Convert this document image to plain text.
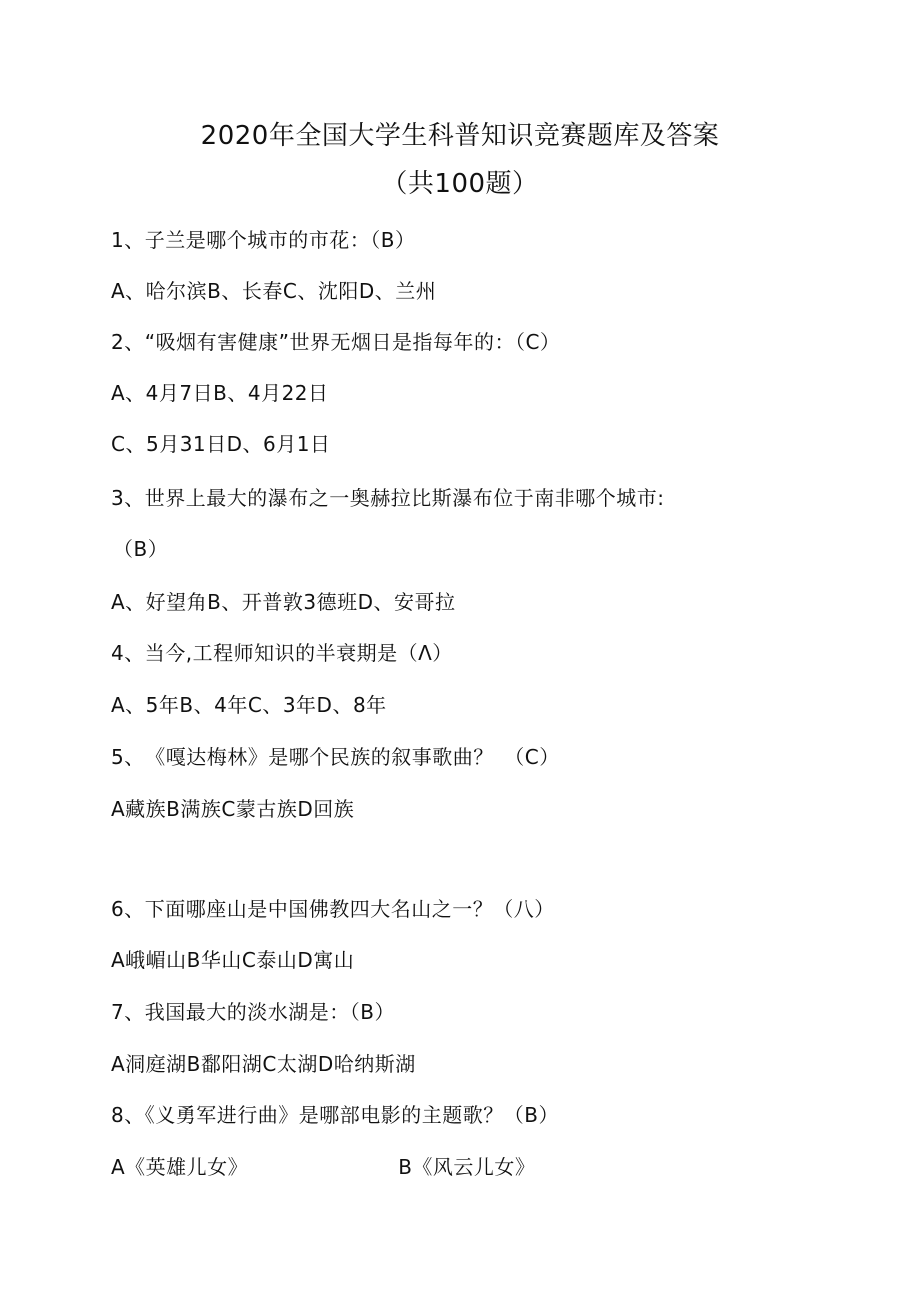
2020年全国大学生科普知识竞赛题库及答案
（共100题）
1、子兰是哪个城市的市花：（B）
A、哈尔滨B、长春C、沈阳D、兰州
2、“吸烟有害健康”世界无烟日是指每年的：（C）
A、4月7日B、4月22日
C、5月31日D、6月1日
3、世界上最大的瀑布之一奥赫拉比斯瀑布位于南非哪个城市:
（B）
A、好望角B、开普敦3德班D、安哥拉
4、当今,工程师知识的半衰期是（Λ）
A、5年B、4年C、3年D、8年
5、　《嘎达梅林》是哪个民族的叙事歌曲？　（C）
A藏族B满族C蒙古族D回族
6、下面哪座山是中国佛教四大名山之一？（八）
A峨嵋山B华山C泰山D寓山
7、我国最大的淡水湖是：（B）
A洞庭湖B鄱阳湖C太湖D哈纳斯湖
8、《义勇军进行曲》是哪部电影的主题歌？（B）
A《英雄儿女》	B《风云儿女》
